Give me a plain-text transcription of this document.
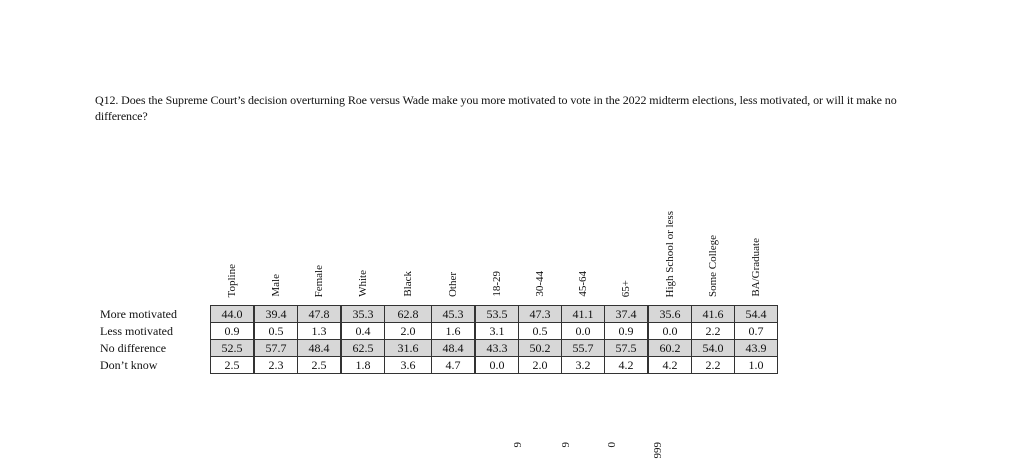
Q12. Does the Supreme Court’s decision overturning Roe versus Wade make you more motivated to vote in the 2022 midterm elections, less motivated, or will it make no difference?
	Topline	Male	Female	White	Black	Other	18-29	30-44	45-64	65+	High School or less	Some College	BA/Graduate
More motivated	44.0	39.4	47.8	35.3	62.8	45.3	53.5	47.3	41.1	37.4	35.6	41.6	54.4
Less motivated	0.9	0.5	1.3	0.4	2.0	1.6	3.1	0.5	0.0	0.9	0.0	2.2	0.7
No difference	52.5	57.7	48.4	62.5	31.6	48.4	43.3	50.2	55.7	57.5	60.2	54.0	43.9
Don’t know	2.5	2.3	2.5	1.8	3.6	4.7	0.0	2.0	3.2	4.2	4.2	2.2	1.0
9	9	0	999
